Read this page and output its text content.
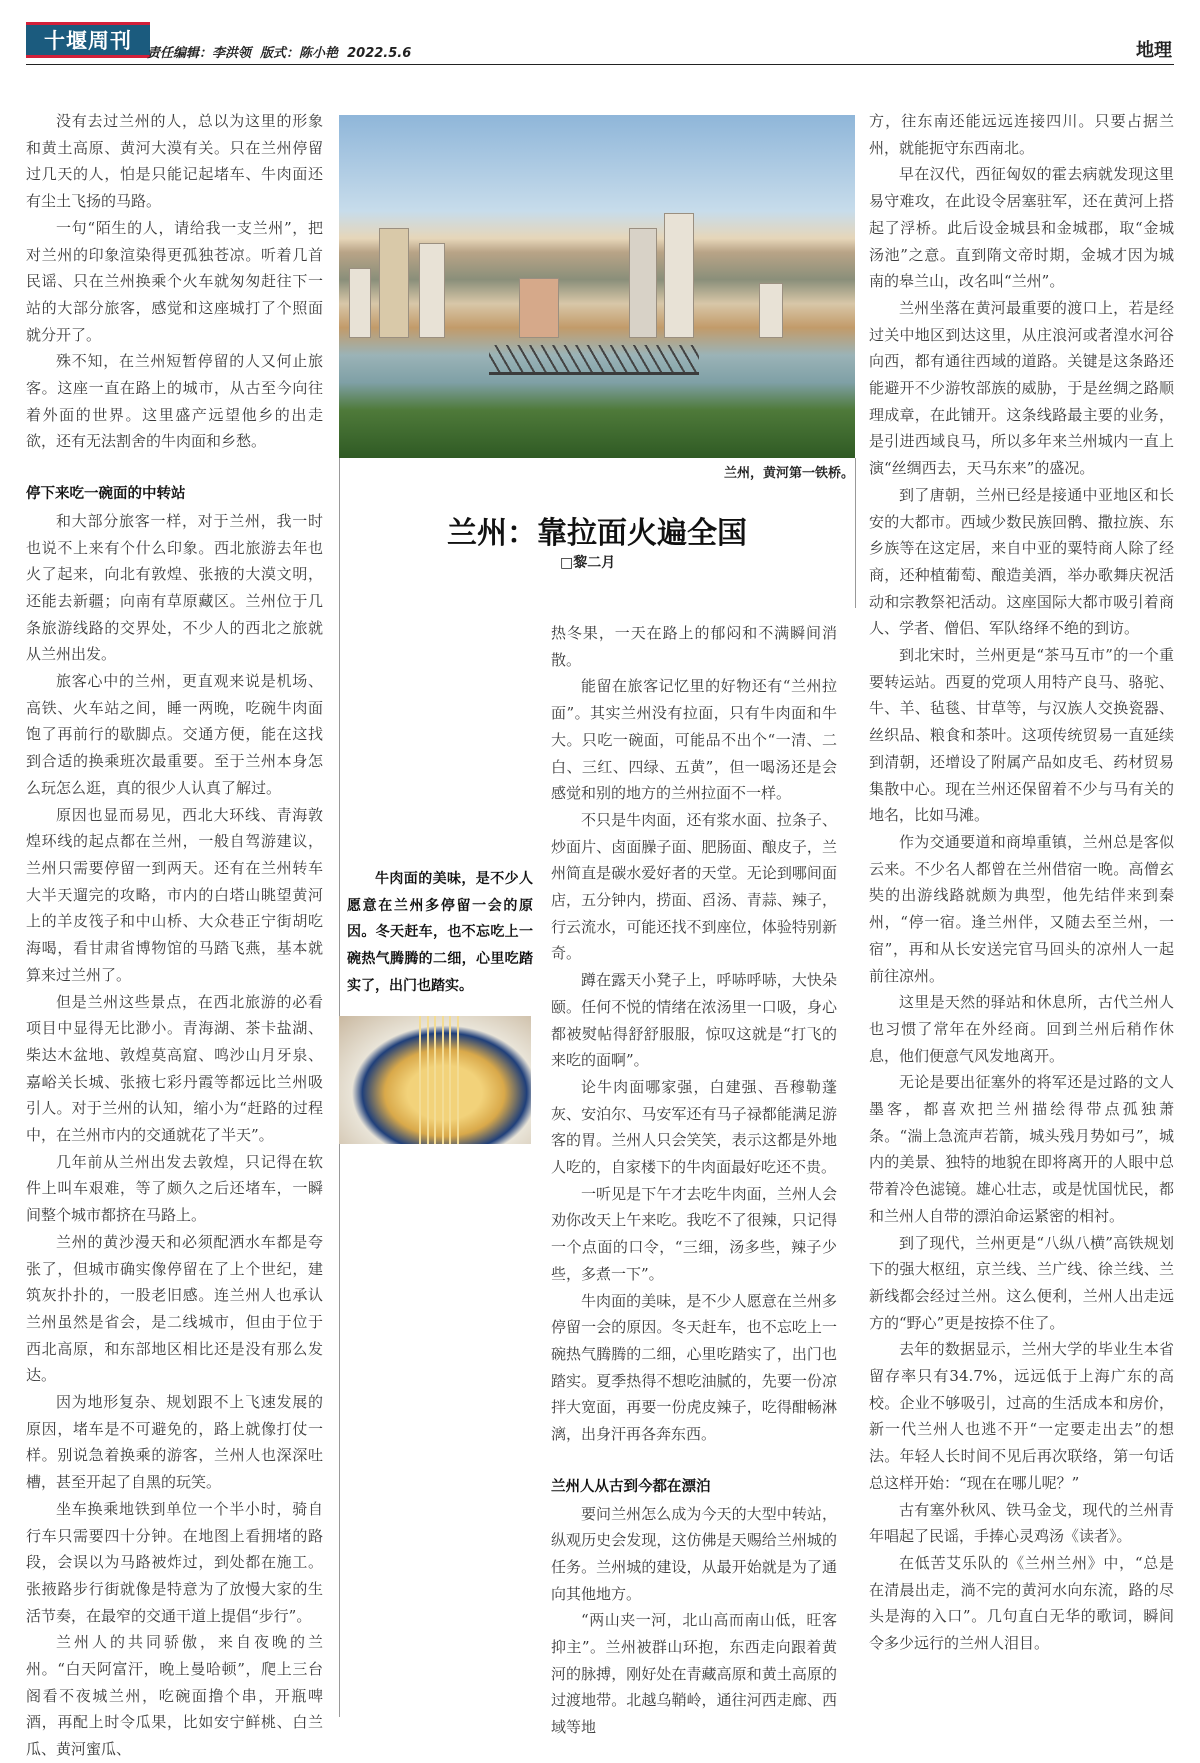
十堰周刊
责任编辑：李洪领  版式：陈小艳  2022.5.6	地理

没有去过兰州的人，总以为这里的形象和黄土高原、黄河大漠有关。只在兰州停留过几天的人，怕是只能记起堵车、牛肉面还有尘土飞扬的马路。

一句“陌生的人，请给我一支兰州”，把对兰州的印象渲染得更孤独苍凉。听着几首民谣、只在兰州换乘个火车就匆匆赶往下一站的大部分旅客，感觉和这座城打了个照面就分开了。

殊不知，在兰州短暂停留的人又何止旅客。这座一直在路上的城市，从古至今向往着外面的世界。这里盛产远望他乡的出走欲，还有无法割舍的牛肉面和乡愁。

停下来吃一碗面的中转站

和大部分旅客一样，对于兰州，我一时也说不上来有个什么印象。西北旅游去年也火了起来，向北有敦煌、张掖的大漠文明，还能去新疆；向南有草原藏区。兰州位于几条旅游线路的交界处，不少人的西北之旅就从兰州出发。

旅客心中的兰州，更直观来说是机场、高铁、火车站之间，睡一两晚，吃碗牛肉面饱了再前行的歇脚点。交通方便，能在这找到合适的换乘班次最重要。至于兰州本身怎么玩怎么逛，真的很少人认真了解过。

原因也显而易见，西北大环线、青海敦煌环线的起点都在兰州，一般自驾游建议，兰州只需要停留一到两天。还有在兰州转车大半天遛完的攻略，市内的白塔山眺望黄河上的羊皮筏子和中山桥、大众巷正宁街胡吃海喝，看甘肃省博物馆的马踏飞燕，基本就算来过兰州了。

但是兰州这些景点，在西北旅游的必看项目中显得无比渺小。青海湖、茶卡盐湖、柴达木盆地、敦煌莫高窟、鸣沙山月牙泉、嘉峪关长城、张掖七彩丹霞等都远比兰州吸引人。对于兰州的认知，缩小为“赶路的过程中，在兰州市内的交通就花了半天”。

几年前从兰州出发去敦煌，只记得在软件上叫车艰难，等了颇久之后还堵车，一瞬间整个城市都挤在马路上。

兰州的黄沙漫天和必须配洒水车都是夸张了，但城市确实像停留在了上个世纪，建筑灰扑扑的，一股老旧感。连兰州人也承认兰州虽然是省会，是二线城市，但由于位于西北高原，和东部地区相比还是没有那么发达。

因为地形复杂、规划跟不上飞速发展的原因，堵车是不可避免的，路上就像打仗一样。别说急着换乘的游客，兰州人也深深吐槽，甚至开起了自黑的玩笑。

坐车换乘地铁到单位一个半小时，骑自行车只需要四十分钟。在地图上看拥堵的路段，会误以为马路被炸过，到处都在施工。张掖路步行街就像是特意为了放慢大家的生活节奏，在最窄的交通干道上提倡“步行”。

兰州人的共同骄傲，来自夜晚的兰州。“白天阿富汗，晚上曼哈顿”，爬上三台阁看不夜城兰州，吃碗面撸个串，开瓶啤酒，再配上时令瓜果，比如安宁鲜桃、白兰瓜、黄河蜜瓜、

兰州，黄河第一铁桥。
兰州：靠拉面火遍全国
□黎二月
牛肉面的美味，是不少人愿意在兰州多停留一会的原因。冬天赶车，也不忘吃上一碗热气腾腾的二细，心里吃踏实了，出门也踏实。

热冬果，一天在路上的郁闷和不满瞬间消散。

能留在旅客记忆里的好物还有“兰州拉面”。其实兰州没有拉面，只有牛肉面和牛大。只吃一碗面，可能品不出个“一清、二白、三红、四绿、五黄”，但一喝汤还是会感觉和别的地方的兰州拉面不一样。

不只是牛肉面，还有浆水面、拉条子、炒面片、卤面臊子面、肥肠面、酿皮子，兰州简直是碳水爱好者的天堂。无论到哪间面店，五分钟内，捞面、舀汤、青蒜、辣子，行云流水，可能还找不到座位，体验特别新奇。

蹲在露天小凳子上，呼哧呼哧，大快朵颐。任何不悦的情绪在浓汤里一口吸，身心都被熨帖得舒舒服服，惊叹这就是“打飞的来吃的面啊”。

论牛肉面哪家强，白建强、吾穆勒蓬灰、安泊尔、马安军还有马子禄都能满足游客的胃。兰州人只会笑笑，表示这都是外地人吃的，自家楼下的牛肉面最好吃还不贵。

一听见是下午才去吃牛肉面，兰州人会劝你改天上午来吃。我吃不了很辣，只记得一个点面的口令，“三细，汤多些，辣子少些，多煮一下”。

牛肉面的美味，是不少人愿意在兰州多停留一会的原因。冬天赶车，也不忘吃上一碗热气腾腾的二细，心里吃踏实了，出门也踏实。夏季热得不想吃油腻的，先要一份凉拌大宽面，再要一份虎皮辣子，吃得酣畅淋漓，出身汗再各奔东西。

兰州人从古到今都在漂泊

要问兰州怎么成为今天的大型中转站，纵观历史会发现，这仿佛是天赐给兰州城的任务。兰州城的建设，从最开始就是为了通向其他地方。

“两山夹一河，北山高而南山低，旺客抑主”。兰州被群山环抱，东西走向跟着黄河的脉搏，刚好处在青藏高原和黄土高原的过渡地带。北越乌鞘岭，通往河西走廊、西域等地

方，往东南还能远远连接四川。只要占据兰州，就能扼守东西南北。

早在汉代，西征匈奴的霍去病就发现这里易守难攻，在此设令居塞驻军，还在黄河上搭起了浮桥。此后设金城县和金城郡，取“金城汤池”之意。直到隋文帝时期，金城才因为城南的皋兰山，改名叫“兰州”。

兰州坐落在黄河最重要的渡口上，若是经过关中地区到达这里，从庄浪河或者湟水河谷向西，都有通往西域的道路。关键是这条路还能避开不少游牧部族的威胁，于是丝绸之路顺理成章，在此铺开。这条线路最主要的业务，是引进西域良马，所以多年来兰州城内一直上演“丝绸西去，天马东来”的盛况。

到了唐朝，兰州已经是接通中亚地区和长安的大都市。西域少数民族回鹘、撒拉族、东乡族等在这定居，来自中亚的粟特商人除了经商，还种植葡萄、酿造美酒，举办歌舞庆祝活动和宗教祭祀活动。这座国际大都市吸引着商人、学者、僧侣、军队络绎不绝的到访。

到北宋时，兰州更是“茶马互市”的一个重要转运站。西夏的党项人用特产良马、骆驼、牛、羊、毡毯、甘草等，与汉族人交换瓷器、丝织品、粮食和茶叶。这项传统贸易一直延续到清朝，还增设了附属产品如皮毛、药材贸易集散中心。现在兰州还保留着不少与马有关的地名，比如马滩。

作为交通要道和商埠重镇，兰州总是客似云来。不少名人都曾在兰州借宿一晚。高僧玄奘的出游线路就颇为典型，他先结伴来到秦州，“停一宿。逢兰州伴，又随去至兰州，一宿”，再和从长安送完官马回头的凉州人一起前往凉州。

这里是天然的驿站和休息所，古代兰州人也习惯了常年在外经商。回到兰州后稍作休息，他们便意气风发地离开。

无论是要出征塞外的将军还是过路的文人墨客，都喜欢把兰州描绘得带点孤独萧条。“湍上急流声若箭，城头残月势如弓”，城内的美景、独特的地貌在即将离开的人眼中总带着冷色滤镜。雄心壮志，或是忧国忧民，都和兰州人自带的漂泊命运紧密的相衬。

到了现代，兰州更是“八纵八横”高铁规划下的强大枢纽，京兰线、兰广线、徐兰线、兰新线都会经过兰州。这么便利，兰州人出走远方的“野心”更是按捺不住了。

去年的数据显示，兰州大学的毕业生本省留存率只有34.7%，远远低于上海广东的高校。企业不够吸引，过高的生活成本和房价，新一代兰州人也逃不开“一定要走出去”的想法。年轻人长时间不见后再次联络，第一句话总这样开始：“现在在哪儿呢？”

古有塞外秋风、铁马金戈，现代的兰州青年唱起了民谣，手捧心灵鸡汤《读者》。

在低苦艾乐队的《兰州兰州》中，“总是在清晨出走，淌不完的黄河水向东流，路的尽头是海的入口”。几句直白无华的歌词，瞬间令多少远行的兰州人泪目。
